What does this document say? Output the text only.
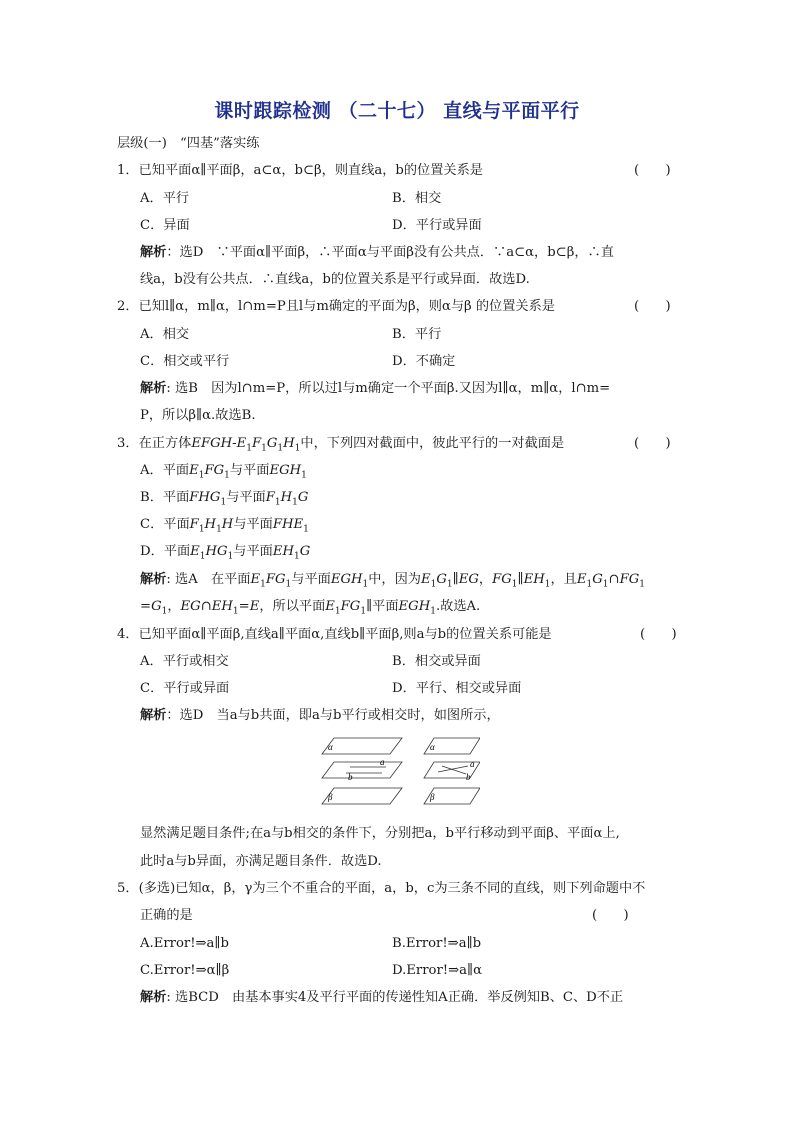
课时跟踪检测 （二十七） 直线与平面平行
层级(一)　“四基”落实练
1．已知平面α∥平面β，a⊂α，b⊂β，则直线a，b的位置关系是	(　　)
A．平行	B．相交
C．异面	D．平行或异面
解析：选D　∵平面α∥平面β，∴平面α与平面β没有公共点．∵a⊂α，b⊂β，∴直
线a，b没有公共点．∴直线a，b的位置关系是平行或异面．故选D.
2．已知l∥α，m∥α，l∩m=P且l与m确定的平面为β，则α与β 的位置关系是	(　　)
A．相交	B．平行
C．相交或平行	D．不确定
解析: 选B　因为l∩m=P，所以过l与m确定一个平面β.又因为l∥α，m∥α，l∩m=
P，所以β∥α.故选B.
3．在正方体EFGH-$E_1F_1G_1H_1$中，下列四对截面中，彼此平行的一对截面是	(　　)
A．平面$E_1FG_1$与平面$EGH_1$
B．平面$FHG_1$与平面$F_1H_1G$
C．平面$F_1H_1H$与平面$FHE_1$
D．平面$E_1HG_1$与平面$EH_1G$
解析: 选A　在平面$E_1FG_1$与平面$EGH_1$中，因为$E_1G_1\parallel EG$，$FG_1\parallel EH_1$，且$E_1G_1\cap FG_1$
$=G_1$，$EG\cap EH_1=E$，所以平面$E_1FG_1\parallel$平面$EGH_1$.故选A.
4．已知平面α∥平面β,直线a∥平面α,直线b∥平面β,则a与b的位置关系可能是	(　　)
A．平行或相交	B．相交或异面
C．平行或异面	D．平行、相交或异面
解析：选D　当a与b共面，即a与b平行或相交时，如图所示，
α
a
b
β
α
a
b
β
显然满足题目条件;在a与b相交的条件下，分别把a，b平行移动到平面β、平面α上,
此时a与b异面，亦满足题目条件．故选D.
5．(多选)已知α，β，γ为三个不重合的平面，a，b，c为三条不同的直线，则下列命题中不
正确的是	(　　)
A.Error!⇒a∥b	B.Error!⇒a∥b
C.Error!⇒α∥β	D.Error!⇒a∥α
解析: 选BCD　由基本事实4及平行平面的传递性知A正确．举反例知B、C、D不正
